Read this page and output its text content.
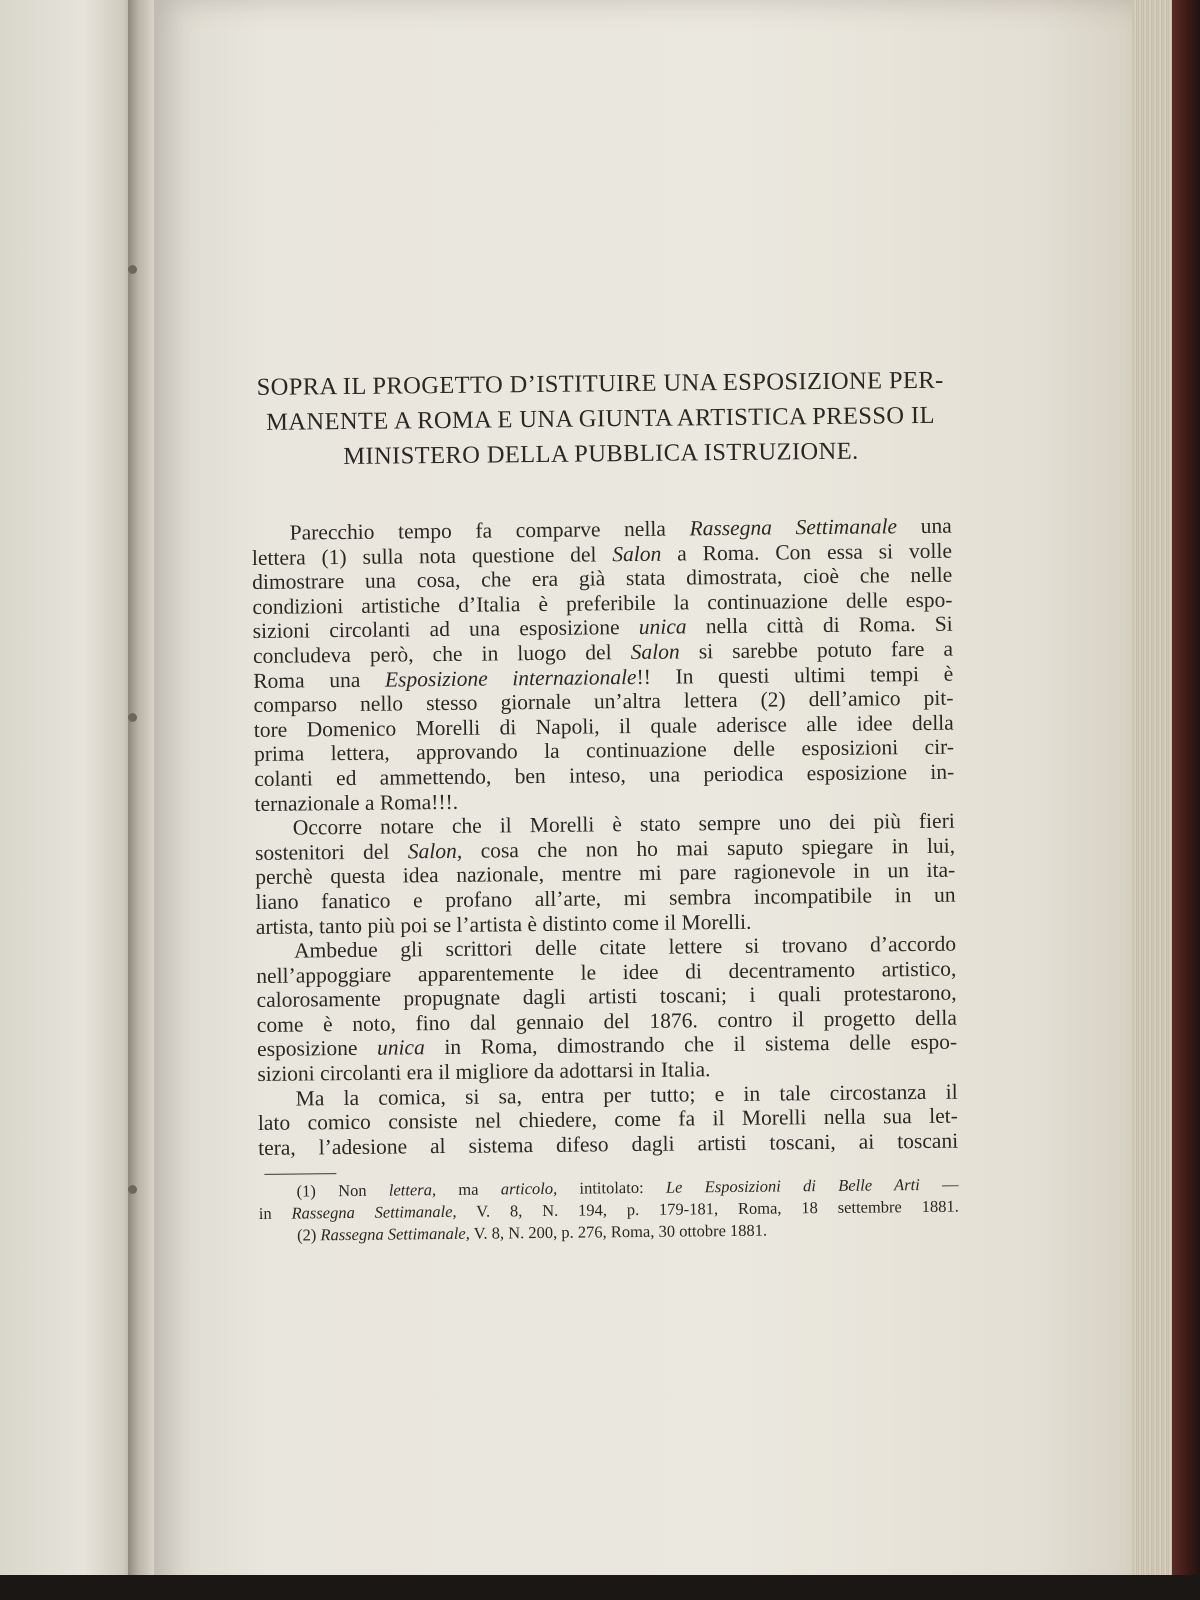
SOPRA IL PROGETTO D’ISTITUIRE UNA ESPOSIZIONE PER-
MANENTE A ROMA E UNA GIUNTA ARTISTICA PRESSO IL
MINISTERO DELLA PUBBLICA ISTRUZIONE.
Parecchio tempo fa comparve nella Rassegna Settimanale una
lettera (1) sulla nota questione del Salon a Roma. Con essa si volle
dimostrare una cosa, che era già stata dimostrata, cioè che nelle
condizioni artistiche d’Italia è preferibile la continuazione delle espo-
sizioni circolanti ad una esposizione unica nella città di Roma. Si
concludeva però, che in luogo del Salon si sarebbe potuto fare a
Roma una Esposizione internazionale!! In questi ultimi tempi è
comparso nello stesso giornale un’altra lettera (2) dell’amico pit-
tore Domenico Morelli di Napoli, il quale aderisce alle idee della
prima lettera, approvando la continuazione delle esposizioni cir-
colanti ed ammettendo, ben inteso, una periodica esposizione in-
ternazionale a Roma!!!.
Occorre notare che il Morelli è stato sempre uno dei più fieri
sostenitori del Salon, cosa che non ho mai saputo spiegare in lui,
perchè questa idea nazionale, mentre mi pare ragionevole in un ita-
liano fanatico e profano all’arte, mi sembra incompatibile in un
artista, tanto più poi se l’artista è distinto come il Morelli.
Ambedue gli scrittori delle citate lettere si trovano d’accordo
nell’appoggiare apparentemente le idee di decentramento artistico,
calorosamente propugnate dagli artisti toscani; i quali protestarono,
come è noto, fino dal gennaio del 1876. contro il progetto della
esposizione unica in Roma, dimostrando che il sistema delle espo-
sizioni circolanti era il migliore da adottarsi in Italia.
Ma la comica, si sa, entra per tutto; e in tale circostanza il
lato comico consiste nel chiedere, come fa il Morelli nella sua let-
tera, l’adesione al sistema difeso dagli artisti toscani, ai toscani
(1) Non lettera, ma articolo, intitolato: Le Esposizioni di Belle Arti —
in Rassegna Settimanale, V. 8, N. 194, p. 179-181, Roma, 18 settembre 1881.
(2) Rassegna Settimanale, V. 8, N. 200, p. 276, Roma, 30 ottobre 1881.
